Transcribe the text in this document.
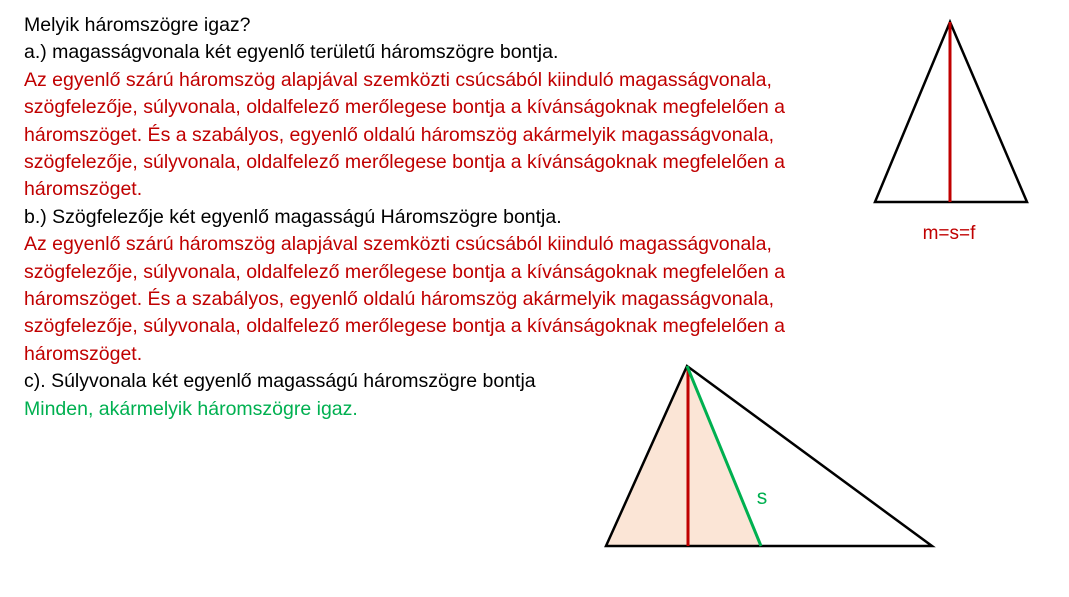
Melyik háromszögre igaz?
a.) magasságvonala két egyenlő területű háromszögre bontja.
Az egyenlő szárú háromszög alapjával szemközti csúcsából kiinduló magasságvonala,
szögfelezője, súlyvonala, oldalfelező merőlegese bontja a kívánságoknak megfelelően a
háromszöget. És a szabályos, egyenlő oldalú háromszög akármelyik magasságvonala,
szögfelezője, súlyvonala, oldalfelező merőlegese bontja a kívánságoknak megfelelően a
háromszöget.
b.) Szögfelezője két egyenlő magasságú Háromszögre bontja.
Az egyenlő szárú háromszög alapjával szemközti csúcsából kiinduló magasságvonala,
szögfelezője, súlyvonala, oldalfelező merőlegese bontja a kívánságoknak megfelelően a
háromszöget. És a szabályos, egyenlő oldalú háromszög akármelyik magasságvonala,
szögfelezője, súlyvonala, oldalfelező merőlegese bontja a kívánságoknak megfelelően a
háromszöget.
c). Súlyvonala két egyenlő magasságú háromszögre bontja
Minden, akármelyik háromszögre igaz.
m=s=f
s
